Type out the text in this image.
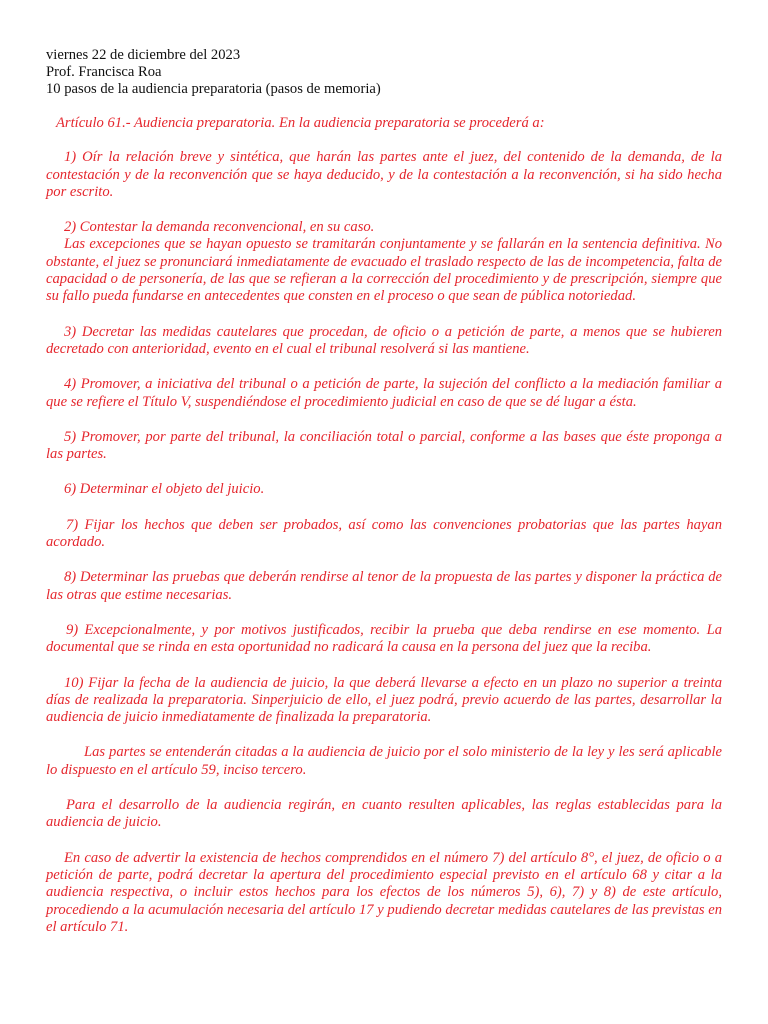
viernes 22 de diciembre del 2023

Prof. Francisca Roa

10 pasos de la audiencia preparatoria (pasos de memoria)

Artículo 61.- Audiencia preparatoria. En la audiencia preparatoria se procederá a:

1) Oír la relación breve y sintética, que harán las partes ante el juez, del contenido de la demanda, de la contestación y de la reconvención que se haya deducido, y de la contestación a la reconvención, si ha sido hecha por escrito.

2) Contestar la demanda reconvencional, en su caso.

Las excepciones que se hayan opuesto se tramitarán conjuntamente y se fallarán en la sentencia definitiva. No obstante, el juez se pronunciará inmediatamente de evacuado el traslado respecto de las de incompetencia, falta de capacidad o de personería, de las que se refieran a la corrección del procedimiento y de prescripción, siempre que su fallo pueda fundarse en antecedentes que consten en el proceso o que sean de pública notoriedad.

3) Decretar las medidas cautelares que procedan, de oficio o a petición de parte, a menos que se hubieren decretado con anterioridad, evento en el cual el tribunal resolverá si las mantiene.

4) Promover, a iniciativa del tribunal o a petición de parte, la sujeción del conflicto a la mediación familiar a que se refiere el Título V, suspendiéndose el procedimiento judicial en caso de que se dé lugar a ésta.

5) Promover, por parte del tribunal, la conciliación total o parcial, conforme a las bases que éste proponga a las partes.

6) Determinar el objeto del juicio.

7) Fijar los hechos que deben ser probados, así como las convenciones probatorias que las partes hayan acordado.

8) Determinar las pruebas que deberán rendirse al tenor de la propuesta de las partes y disponer la práctica de las otras que estime necesarias.

9) Excepcionalmente, y por motivos justificados, recibir la prueba que deba rendirse en ese momento. La documental que se rinda en esta oportunidad no radicará la causa en la persona del juez que la reciba.

10) Fijar la fecha de la audiencia de juicio, la que deberá llevarse a efecto en un plazo no superior a treinta días de realizada la preparatoria. Sinperjuicio de ello, el juez podrá, previo acuerdo de las partes, desarrollar la audiencia de juicio inmediatamente de finalizada la preparatoria.

Las partes se entenderán citadas a la audiencia de juicio por el solo ministerio de la ley y les será aplicable lo dispuesto en el artículo 59, inciso tercero.

Para el desarrollo de la audiencia regirán, en cuanto resulten aplicables, las reglas establecidas para la audiencia de juicio.

En caso de advertir la existencia de hechos comprendidos en el número 7) del artículo 8°, el juez, de oficio o a petición de parte, podrá decretar la apertura del procedimiento especial previsto en el artículo 68 y citar a la audiencia respectiva, o incluir estos hechos para los efectos de los números 5), 6), 7) y 8) de este artículo, procediendo a la acumulación necesaria del artículo 17 y pudiendo decretar medidas cautelares de las previstas en el artículo 71.
